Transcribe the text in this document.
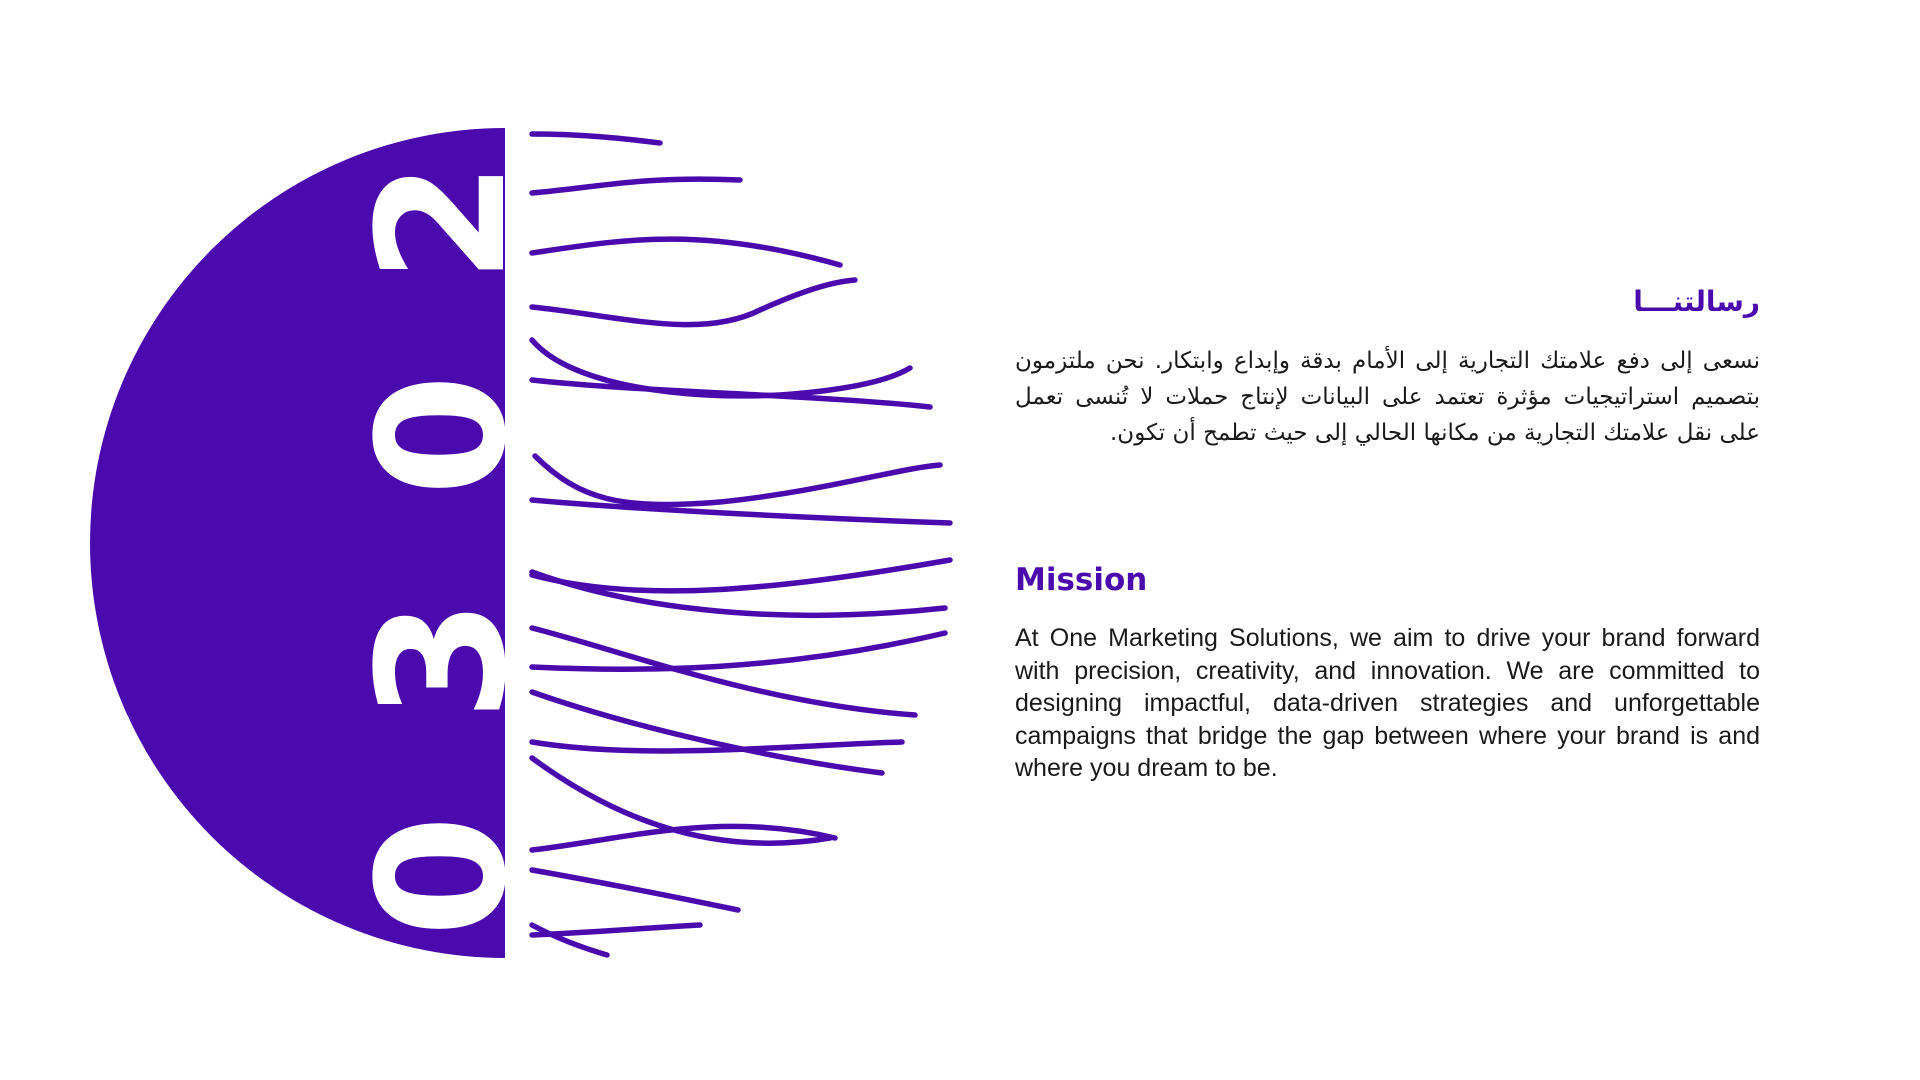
2
0
3
0
رسالتنـــا

نسعى إلى دفع علامتك التجارية إلى الأمام بدقة وإبداع وابتكار. نحن ملتزمون بتصميم استراتيجيات مؤثرة تعتمد على البيانات لإنتاج حملات لا تُنسى تعمل على نقل علامتك التجارية من مكانها الحالي إلى حيث تطمح أن تكون.

Mission

At One Marketing Solutions, we aim to drive your brand forward with precision, creativity, and innovation. We are committed to designing impactful, data-driven strategies and unforgettable campaigns that bridge the gap between where your brand is and where you dream to be.
